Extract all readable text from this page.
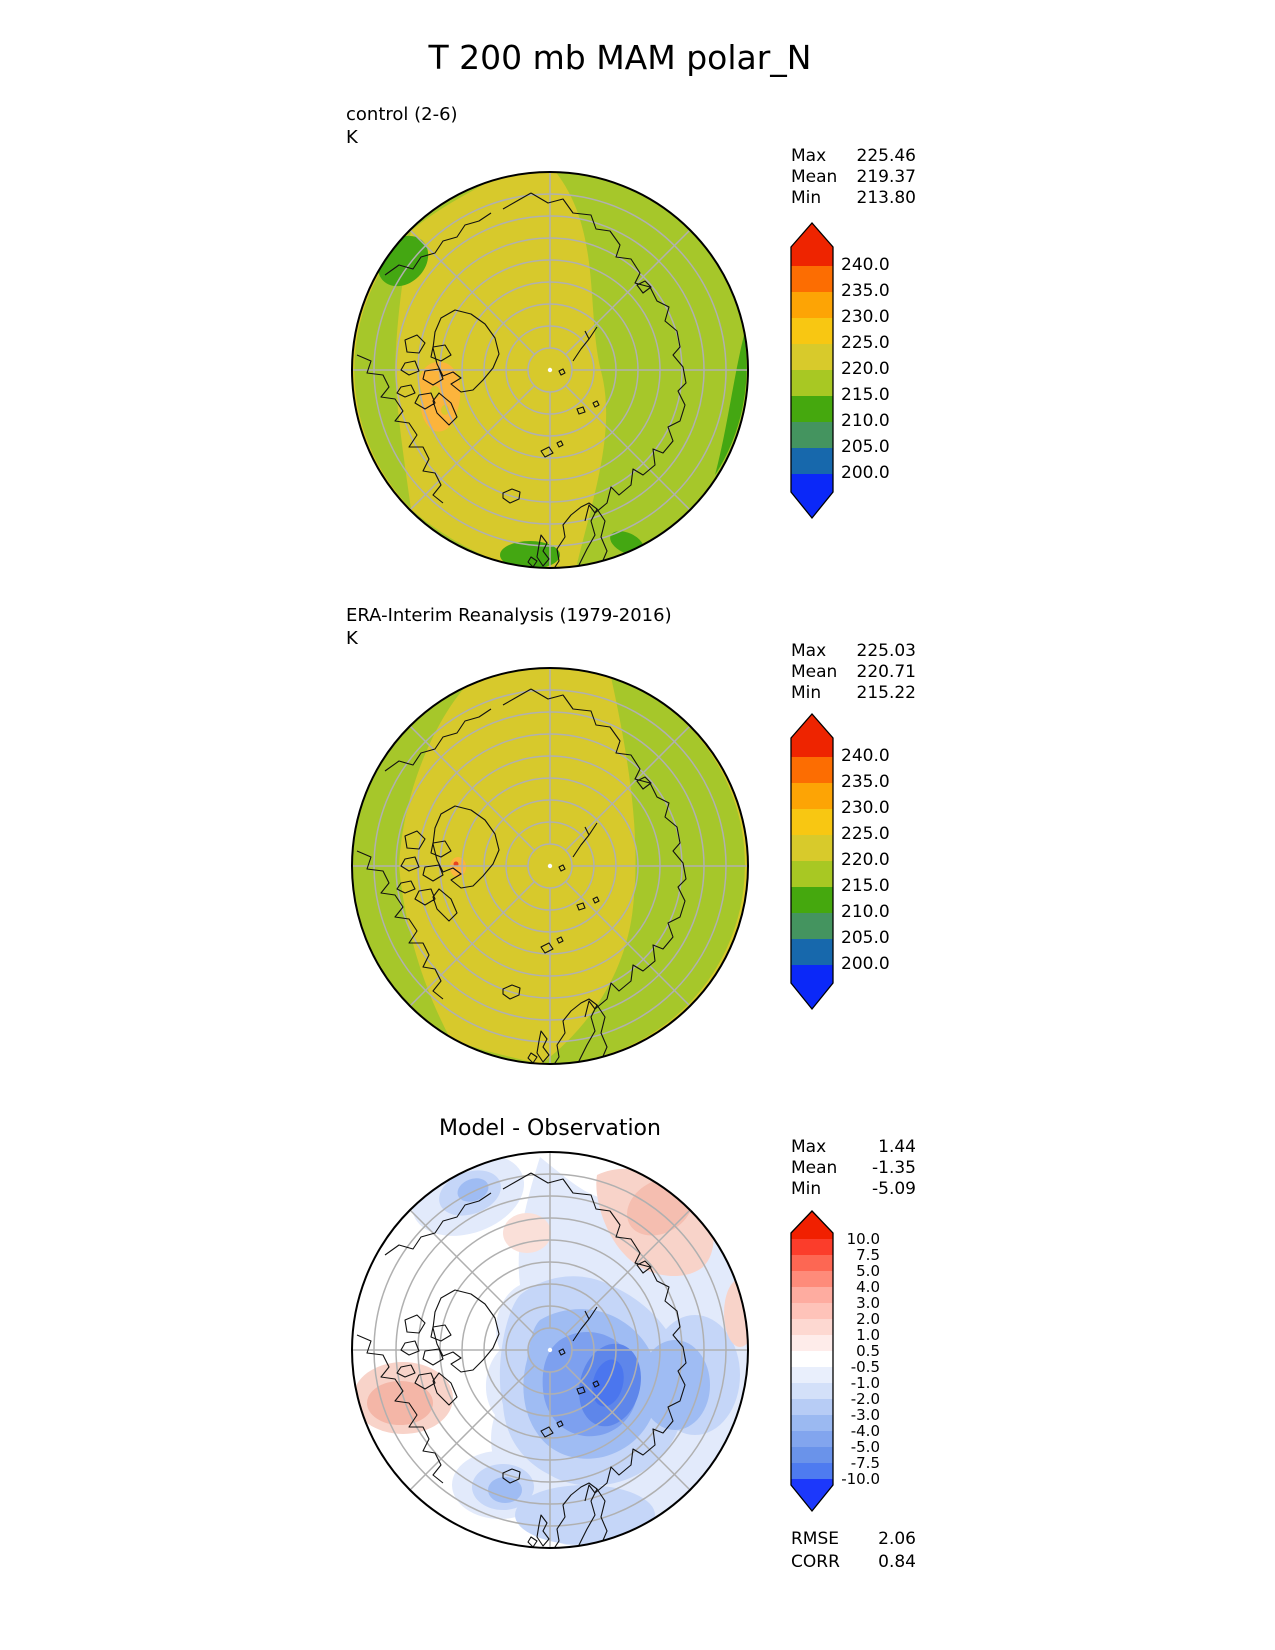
T 200 mb MAM polar_N
control (2-6)
K
ERA-Interim Reanalysis (1979-2016)
K
Model - Observation
Max 225.46
Mean 219.37
Min 213.80
Max 225.03
Mean 220.71
Min 215.22
Max	1.44
Mean -1.35
Min	-5.09
RMSE 2.06
CORR 0.84
240.0
235.0
230.0
225.0
220.0
215.0
210.0
205.0
200.0
240.0
235.0
230.0
225.0
220.0
215.0
210.0
205.0
200.0
10.0
7.5
5.0
4.0
3.0
2.0
1.0
0.5
-0.5
-1.0
-2.0
-3.0
-4.0
-5.0
-7.5
-10.0
